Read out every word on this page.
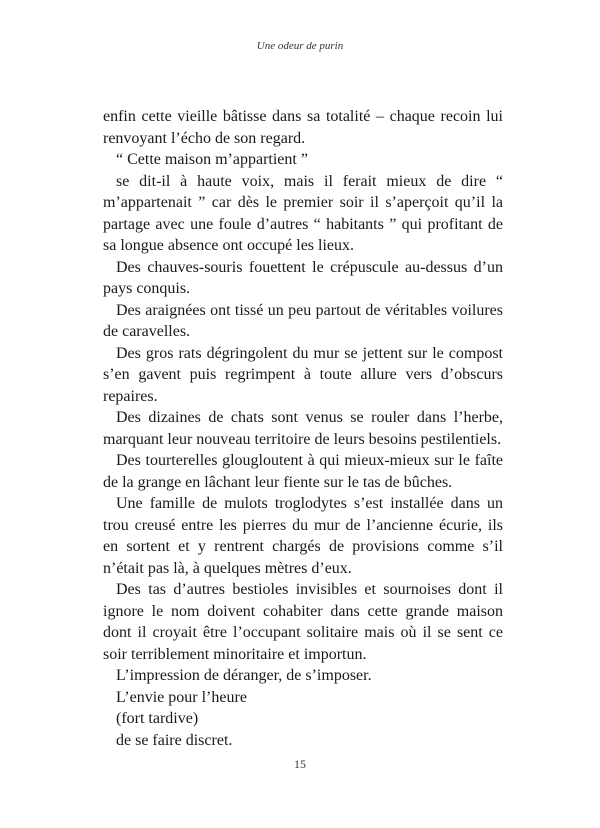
Une odeur de purin

enfin cette vieille bâtisse dans sa totalité – chaque recoin lui renvoyant l’écho de son regard.

“ Cette maison m’appartient ”

se dit-il à haute voix, mais il ferait mieux de dire “ m’appartenait ” car dès le premier soir il s’aperçoit qu’il la partage avec une foule d’autres “ habitants ” qui profitant de sa longue absence ont occupé les lieux.

Des chauves-souris fouettent le crépuscule au-dessus d’un pays conquis.

Des araignées ont tissé un peu partout de véritables voilures de caravelles.

Des gros rats dégringolent du mur se jettent sur le compost s’en gavent puis regrimpent à toute allure vers d’obscurs repaires.

Des dizaines de chats sont venus se rouler dans l’herbe, marquant leur nouveau territoire de leurs besoins pestilentiels.

Des tourterelles glougloutent à qui mieux-mieux sur le faîte de la grange en lâchant leur fiente sur le tas de bûches.

Une famille de mulots troglodytes s’est installée dans un trou creusé entre les pierres du mur de l’ancienne écurie, ils en sortent et y rentrent chargés de provisions comme s’il n’était pas là, à quelques mètres d’eux.

Des tas d’autres bestioles invisibles et sournoises dont il ignore le nom doivent cohabiter dans cette grande maison dont il croyait être l’occupant solitaire mais où il se sent ce soir terriblement minoritaire et importun.

L’impression de déranger, de s’imposer.

L’envie pour l’heure

(fort tardive)

de se faire discret.

15
